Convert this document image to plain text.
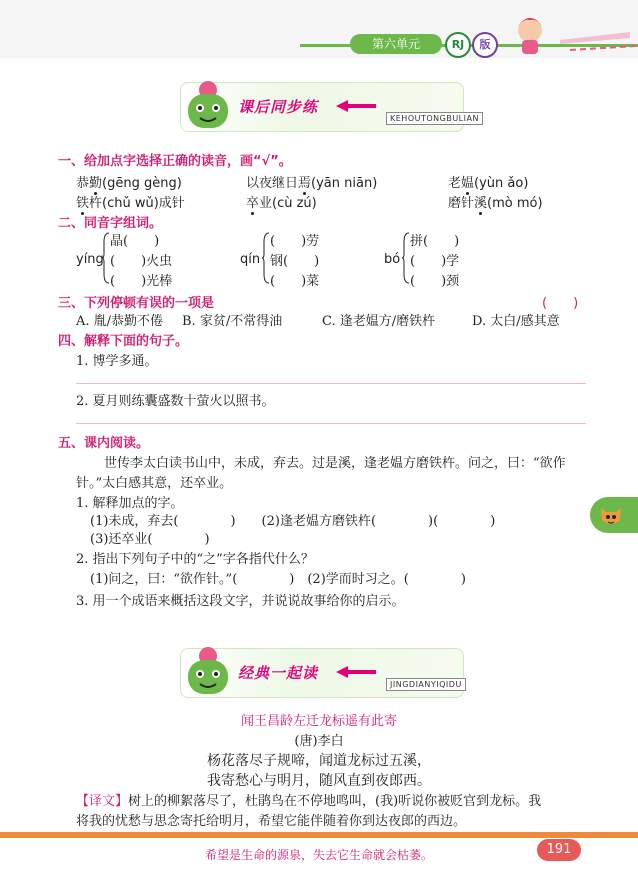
第六单元	RJ	版
课后同步练
KEHOUTONGBULIAN
一、给加点字选择正确的读音，画“√”。
恭勤(gēng gèng)	以夜继日焉(yān niān)	老媪(yùn ǎo)
铁杵(chǔ wǔ)成针	卒业(cù zú)	磨针溪(mò mó)
二、同音字组词。
yíng
晶(　　)
(　　)火虫
(　　)光棒
qín
(　　)劳
钢(　　)
(　　)菜
bó
拼(　　)
(　　)学
(　　)颈
三、下列停顿有误的一项是	(　　)
A. 胤/恭勤不倦 B. 家贫/不常得油	C. 逢老媪方/磨铁杵	D. 太白/感其意
四、解释下面的句子。
1. 博学多通。
2. 夏月则练囊盛数十萤火以照书。
五、课内阅读。
世传李太白读书山中，未成，弃去。过是溪，逢老媪方磨铁杵。问之，曰：“欲作
针。”太白感其意，还卒业。
1. 解释加点的字。
(1)未成，弃去(　　　　)　　(2)逢老媪方磨铁杵(　　　　)(　　　　)
(3)还卒业(　　　　)
2. 指出下列句子中的“之”字各指代什么？
(1)问之，曰：“欲作针。”(　　　　)　(2)学而时习之。(　　　　)
3. 用一个成语来概括这段文字，并说说故事给你的启示。
经典一起读
JINGDIANYIQIDU
闻王昌龄左迁龙标遥有此寄
(唐)李白
杨花落尽子规啼，闻道龙标过五溪，
我寄愁心与明月，随风直到夜郎西。
【译文】树上的柳絮落尽了，杜鹃鸟在不停地鸣叫，(我)听说你被贬官到龙标。我
将我的忧愁与思念寄托给明月，希望它能伴随着你到达夜郎的西边。
希望是生命的源泉，失去它生命就会枯萎。	191
